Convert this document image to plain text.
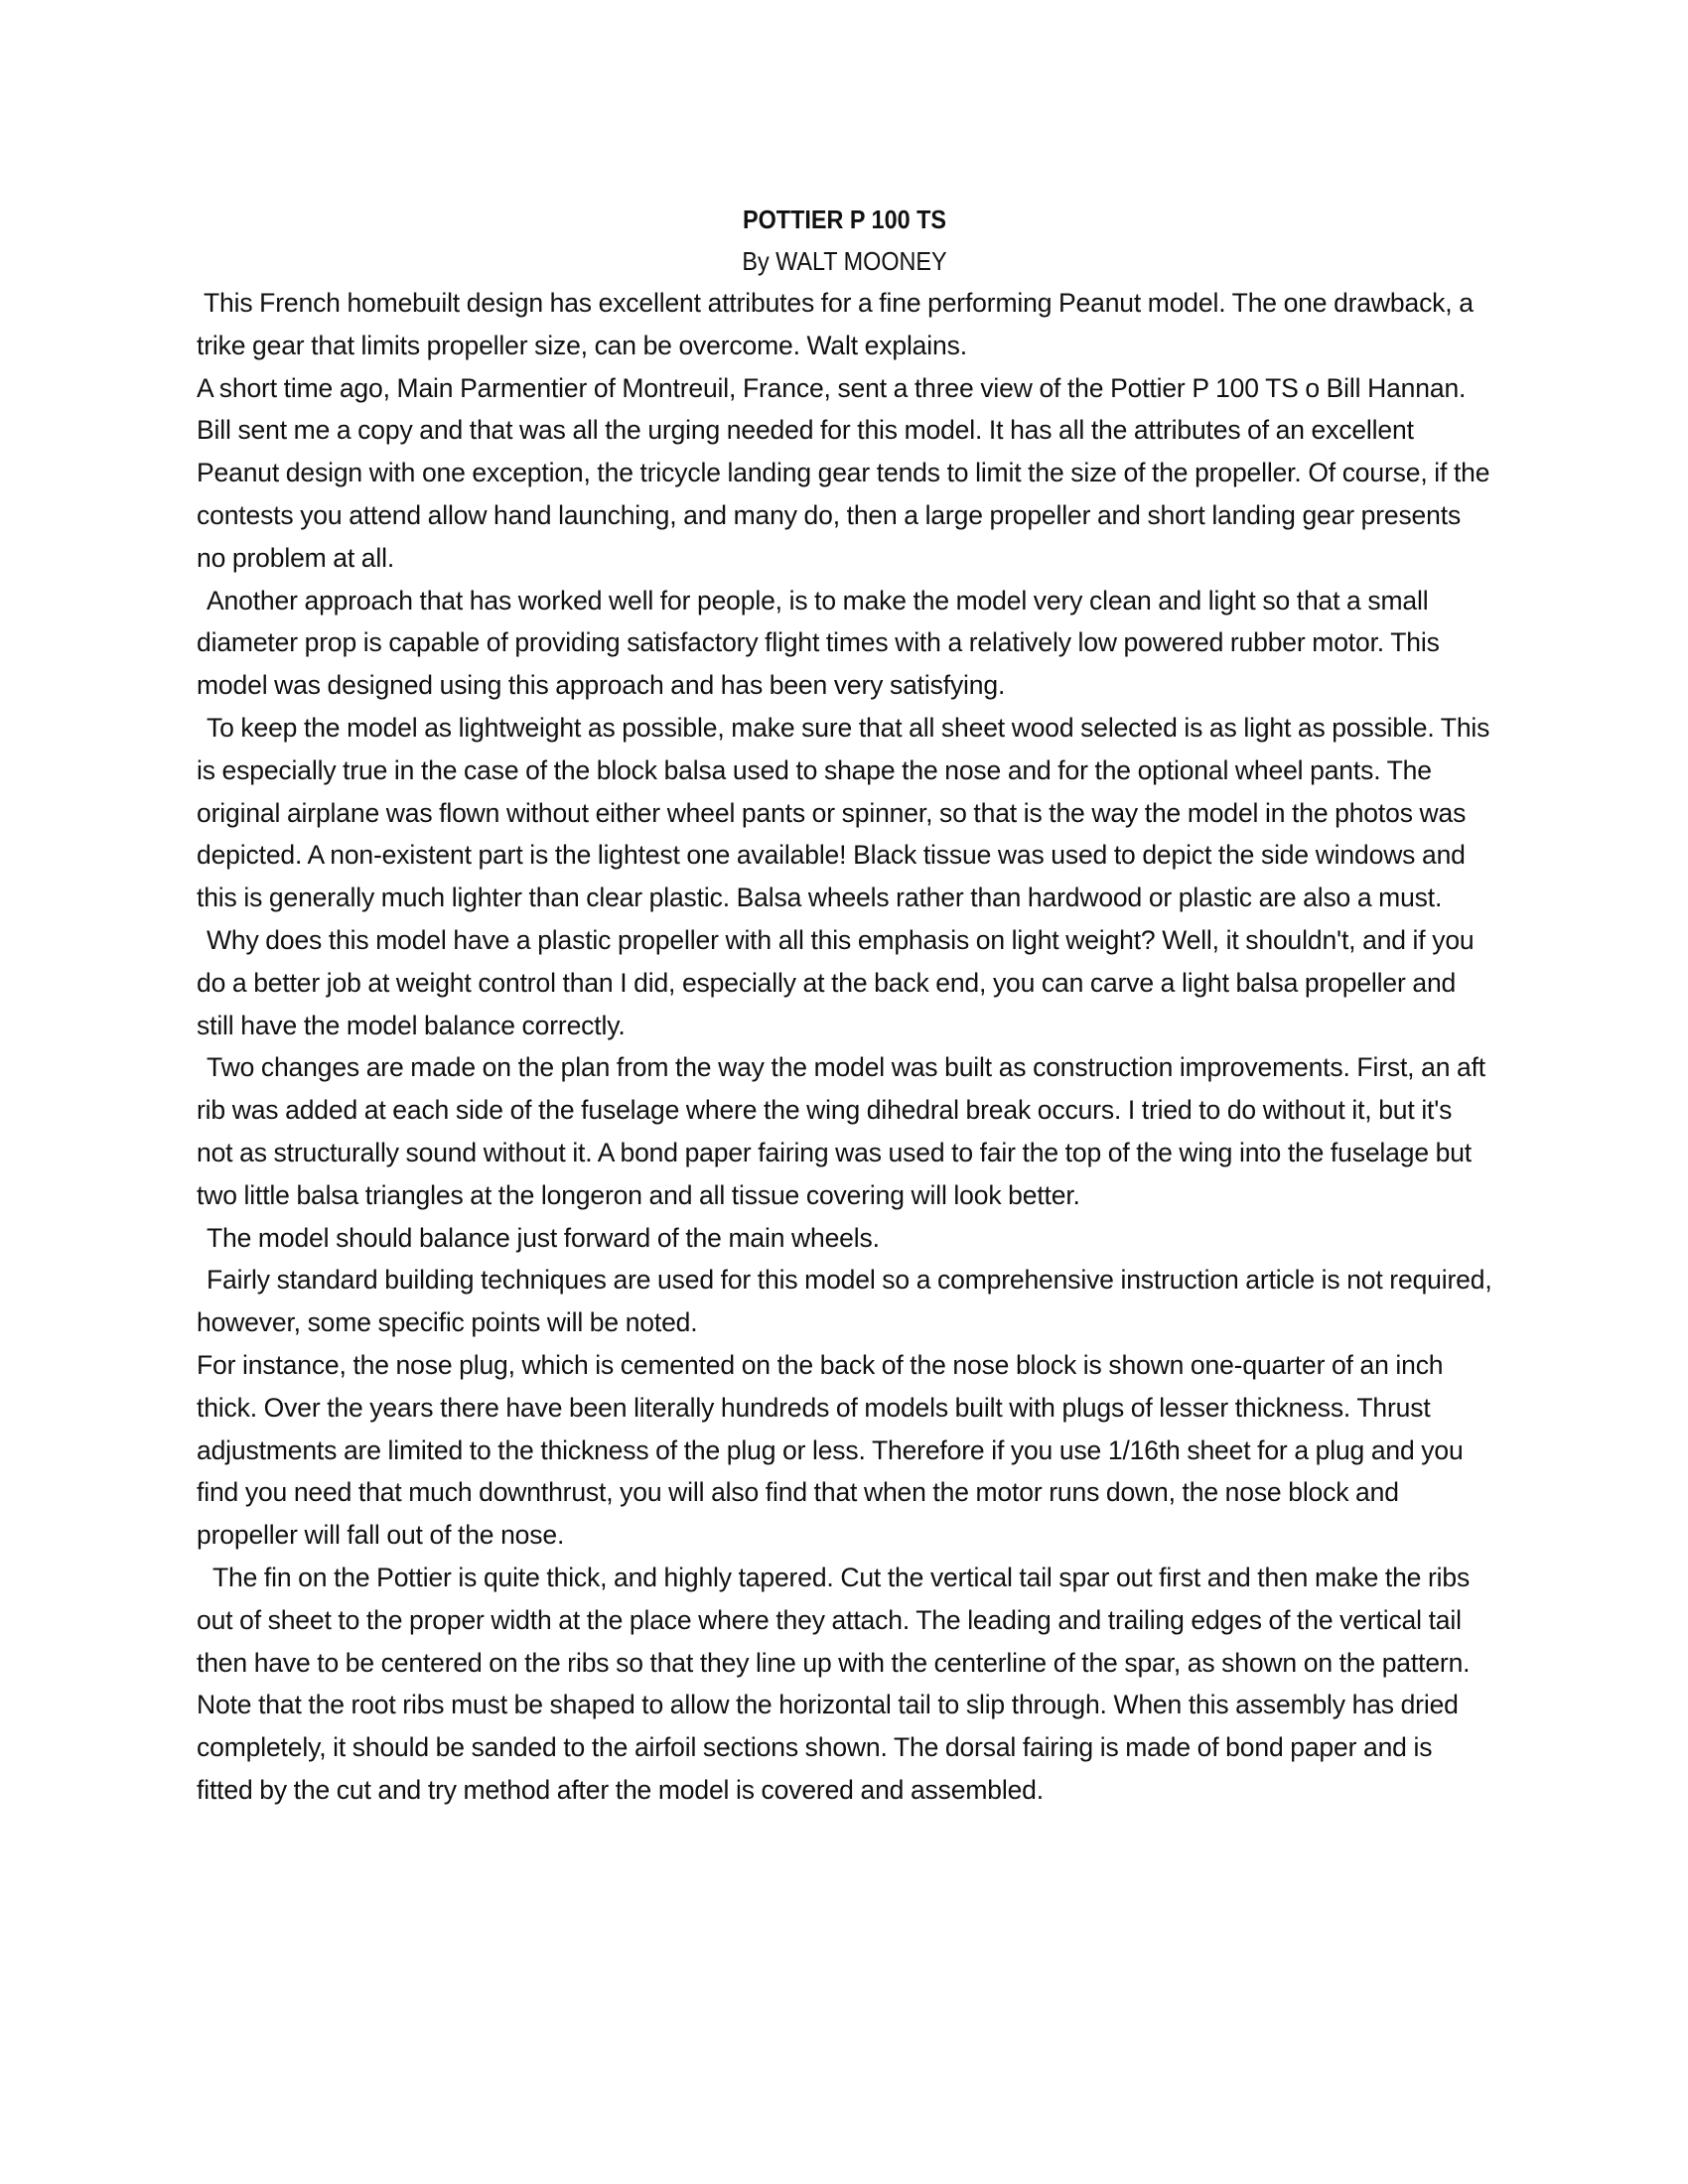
POTTIER P 100 TS

By WALT MOONEY

This French homebuilt design has excellent attributes for a fine performing Peanut model. The one drawback, a trike gear that limits propeller size, can be overcome. Walt explains.

A short time ago, Main Parmentier of Montreuil, France, sent a three view of the Pottier P 100 TS o Bill Hannan. Bill sent me a copy and that was all the urging needed for this model. It has all the attributes of an excellent Peanut design with one exception, the tricycle landing gear tends to limit the size of the propeller. Of course, if the contests you attend allow hand launching, and many do, then a large propeller and short landing gear presents no problem at all.

Another approach that has worked well for people, is to make the model very clean and light so that a small diameter prop is capable of providing satisfactory flight times with a relatively low powered rubber motor. This model was designed using this approach and has been very satisfying.

To keep the model as lightweight as possible, make sure that all sheet wood selected is as light as possible. This is especially true in the case of the block balsa used to shape the nose and for the optional wheel pants. The original airplane was flown without either wheel pants or spinner, so that is the way the model in the photos was depicted. A non-existent part is the lightest one available! Black tissue was used to depict the side windows and this is generally much lighter than clear plastic. Balsa wheels rather than hardwood or plastic are also a must.

Why does this model have a plastic propeller with all this emphasis on light weight? Well, it shouldn't, and if you do a better job at weight control than I did, especially at the back end, you can carve a light balsa propeller and still have the model balance correctly.

Two changes are made on the plan from the way the model was built as construction improvements. First, an aft rib was added at each side of the fuselage where the wing dihedral break occurs. I tried to do without it, but it's not as structurally sound without it. A bond paper fairing was used to fair the top of the wing into the fuselage but two little balsa triangles at the longeron and all tissue covering will look better.

The model should balance just forward of the main wheels.

Fairly standard building techniques are used for this model so a comprehensive instruction article is not required, however, some specific points will be noted.

For instance, the nose plug, which is cemented on the back of the nose block is shown one-quarter of an inch thick. Over the years there have been literally hundreds of models built with plugs of lesser thickness. Thrust adjustments are limited to the thickness of the plug or less. Therefore if you use 1/16th sheet for a plug and you find you need that much downthrust, you will also find that when the motor runs down, the nose block and propeller will fall out of the nose.

The fin on the Pottier is quite thick, and highly tapered. Cut the vertical tail spar out first and then make the ribs out of sheet to the proper width at the place where they attach. The leading and trailing edges of the vertical tail then have to be centered on the ribs so that they line up with the centerline of the spar, as shown on the pattern. Note that the root ribs must be shaped to allow the horizontal tail to slip through. When this assembly has dried completely, it should be sanded to the airfoil sections shown. The dorsal fairing is made of bond paper and is fitted by the cut and try method after the model is covered and assembled.
